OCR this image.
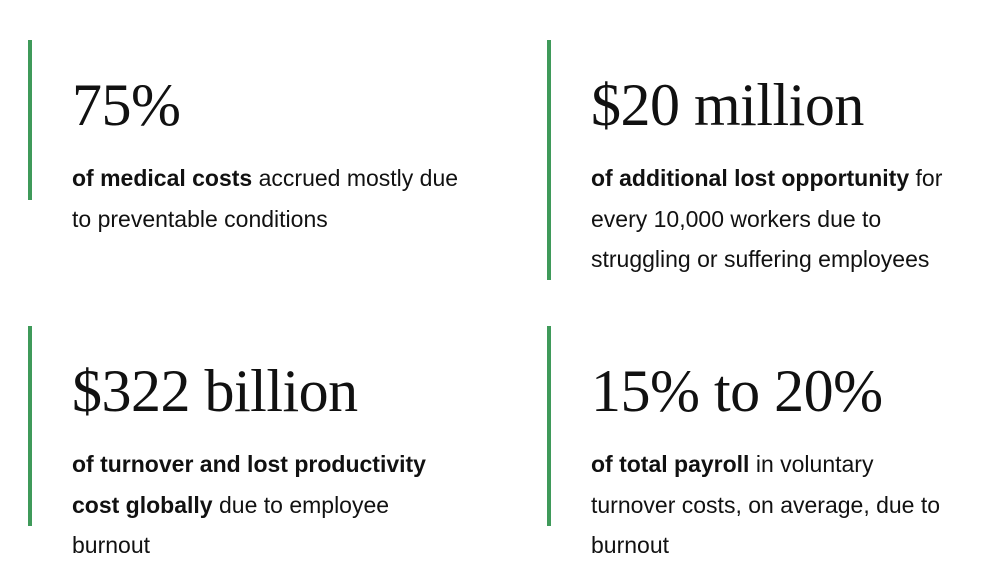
75%
of medical costs accrued mostly due to preventable conditions
$20 million
of additional lost opportunity for every 10,000 workers due to struggling or suffering employees
$322 billion
of turnover and lost productivity cost globally due to employee burnout
15% to 20%
of total payroll in voluntary turnover costs, on average, due to burnout
